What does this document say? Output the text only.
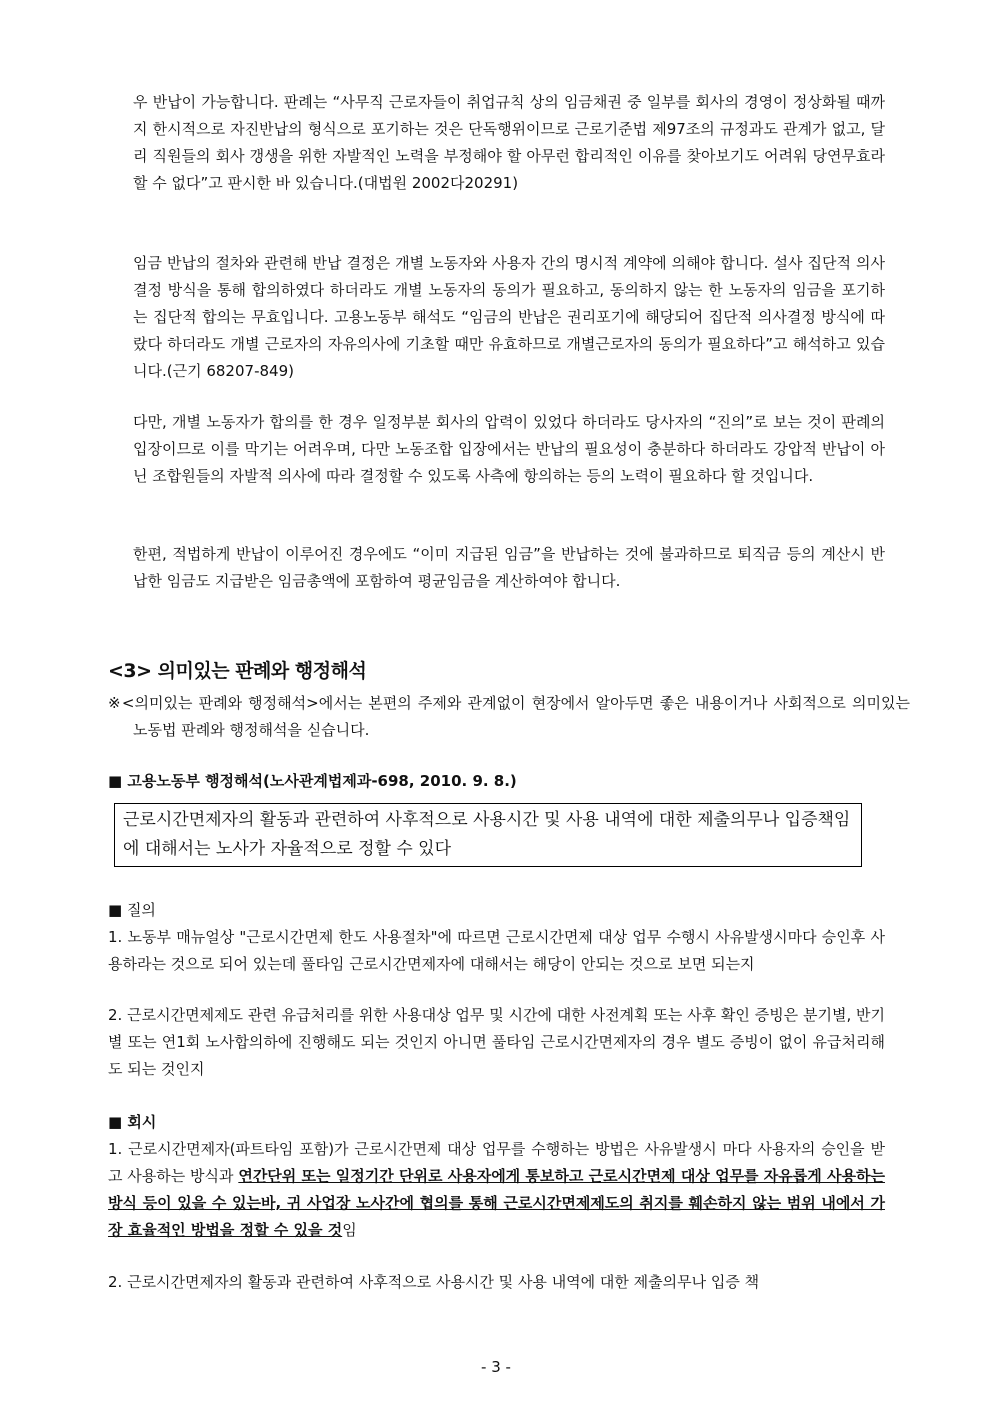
우 반납이 가능합니다. 판례는 “사무직 근로자들이 취업규칙 상의 임금채권 중 일부를 회사의 경영이 정상화될 때까지 한시적으로 자진반납의 형식으로 포기하는 것은 단독행위이므로 근로기준법 제97조의 규정과도 관계가 없고, 달리 직원들의 회사 갱생을 위한 자발적인 노력을 부정해야 할 아무런 합리적인 이유를 찾아보기도 어려워 당연무효라 할 수 없다”고 판시한 바 있습니다.(대법원 2002다20291)

임금 반납의 절차와 관련해 반납 결정은 개별 노동자와 사용자 간의 명시적 계약에 의해야 합니다. 설사 집단적 의사결정 방식을 통해 합의하였다 하더라도 개별 노동자의 동의가 필요하고, 동의하지 않는 한 노동자의 임금을 포기하는 집단적 합의는 무효입니다. 고용노동부 해석도 “임금의 반납은 권리포기에 해당되어 집단적 의사결정 방식에 따랐다 하더라도 개별 근로자의 자유의사에 기초할 때만 유효하므로 개별근로자의 동의가 필요하다”고 해석하고 있습니다.(근기 68207-849)

다만, 개별 노동자가 합의를 한 경우 일정부분 회사의 압력이 있었다 하더라도 당사자의 “진의”로 보는 것이 판례의 입장이므로 이를 막기는 어려우며, 다만 노동조합 입장에서는 반납의 필요성이 충분하다 하더라도 강압적 반납이 아닌 조합원들의 자발적 의사에 따라 결정할 수 있도록 사측에 항의하는 등의 노력이 필요하다 할 것입니다.

한편, 적법하게 반납이 이루어진 경우에도 “이미 지급된 임금”을 반납하는 것에 불과하므로 퇴직금 등의 계산시 반납한 임금도 지급받은 임금총액에 포함하여 평균임금을 계산하여야 합니다.

<3> 의미있는 판례와 행정해석

※<의미있는 판례와 행정해석>에서는 본편의 주제와 관계없이 현장에서 알아두면 좋은 내용이거나 사회적으로 의미있는 노동법 판례와 행정해석을 싣습니다.

■ 고용노동부 행정해석(노사관계법제과-698, 2010. 9. 8.)

근로시간면제자의 활동과 관련하여 사후적으로 사용시간 및 사용 내역에 대한 제출의무나 입증책임에 대해서는 노사가 자율적으로 정할 수 있다

■ 질의

1. 노동부 매뉴얼상 "근로시간면제 한도 사용절차"에 따르면 근로시간면제 대상 업무 수행시 사유발생시마다 승인후 사용하라는 것으로 되어 있는데 풀타임 근로시간면제자에 대해서는 해당이 안되는 것으로 보면 되는지

2. 근로시간면제제도 관련 유급처리를 위한 사용대상 업무 및 시간에 대한 사전계획 또는 사후 확인 증빙은 분기별, 반기별 또는 연1회 노사합의하에 진행해도 되는 것인지 아니면 풀타임 근로시간면제자의 경우 별도 증빙이 없이 유급처리해도 되는 것인지

■ 회시

1. 근로시간면제자(파트타임 포함)가 근로시간면제 대상 업무를 수행하는 방법은 사유발생시 마다 사용자의 승인을 받고 사용하는 방식과 연간단위 또는 일정기간 단위로 사용자에게 통보하고 근로시간면제 대상 업무를 자유롭게 사용하는 방식 등이 있을 수 있는바, 귀 사업장 노사간에 협의를 통해 근로시간면제제도의 취지를 훼손하지 않는 범위 내에서 가장 효율적인 방법을 정할 수 있을 것임

2. 근로시간면제자의 활동과 관련하여 사후적으로 사용시간 및 사용 내역에 대한 제출의무나 입증 책

- 3 -
